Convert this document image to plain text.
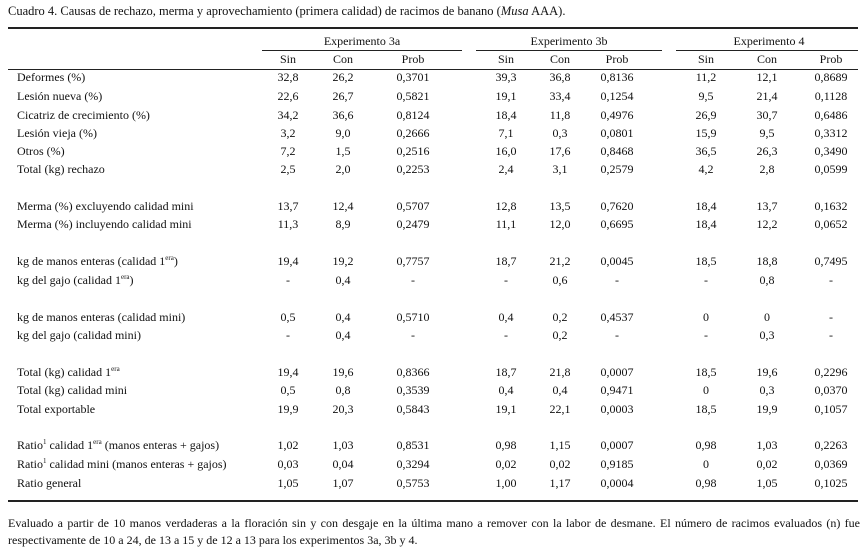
Cuadro 4. Causas de rechazo, merma y aprovechamiento (primera calidad) de racimos de banano (Musa AAA).
Experimento 3a	Experimento 3b	Experimento 4
Sin	Con	Prob	Sin	Con	Prob	Sin	Con	Prob
Deformes (%)	32,8	26,2	0,3701	39,3	36,8	0,8136	11,2	12,1	0,8689
Lesión nueva (%)	22,6	26,7	0,5821	19,1	33,4	0,1254	9,5	21,4	0,1128
Cicatriz de crecimiento (%)	34,2	36,6	0,8124	18,4	11,8	0,4976	26,9	30,7	0,6486
Lesión vieja (%)	3,2	9,0	0,2666	7,1	0,3	0,0801	15,9	9,5	0,3312
Otros (%)	7,2	1,5	0,2516	16,0	17,6	0,8468	36,5	26,3	0,3490
Total (kg) rechazo	2,5	2,0	0,2253	2,4	3,1	0,2579	4,2	2,8	0,0599
Merma (%) excluyendo calidad mini	13,7	12,4	0,5707	12,8	13,5	0,7620	18,4	13,7	0,1632
Merma (%) incluyendo calidad mini	11,3	8,9	0,2479	11,1	12,0	0,6695	18,4	12,2	0,0652
kg de manos enteras (calidad $1^{era}$)	19,4	19,2	0,7757	18,7	21,2	0,0045	18,5	18,8	0,7495
kg del gajo (calidad $1^{era}$)	-	0,4	-	-	0,6	-	-	0,8	-
kg de manos enteras (calidad mini)	0,5	0,4	0,5710	0,4	0,2	0,4537	0	0	-
kg del gajo (calidad mini)	-	0,4	-	-	0,2	-	-	0,3	-
Total (kg) calidad $1^{era}$	19,4	19,6	0,8366	18,7	21,8	0,0007	18,5	19,6	0,2296
Total (kg) calidad mini	0,5	0,8	0,3539	0,4	0,4	0,9471	0	0,3	0,0370
Total exportable	19,9	20,3	0,5843	19,1	22,1	0,0003	18,5	19,9	0,1057
Ratio$^1$ calidad $1^{era}$ (manos enteras + gajos)	1,02	1,03	0,8531	0,98	1,15	0,0007	0,98	1,03	0,2263
Ratio$^1$ calidad mini (manos enteras + gajos)	0,03	0,04	0,3294	0,02	0,02	0,9185	0	0,02	0,0369
Ratio general	1,05	1,07	0,5753	1,00	1,17	0,0004	0,98	1,05	0,1025
Evaluado a partir de 10 manos verdaderas a la floración sin y con desgaje en la última mano a remover con la labor de desmane. El número de racimos evaluados (n) fue respectivamente de 10 a 24, de 13 a 15 y de 12 a 13 para los experimentos 3a, 3b y 4.
